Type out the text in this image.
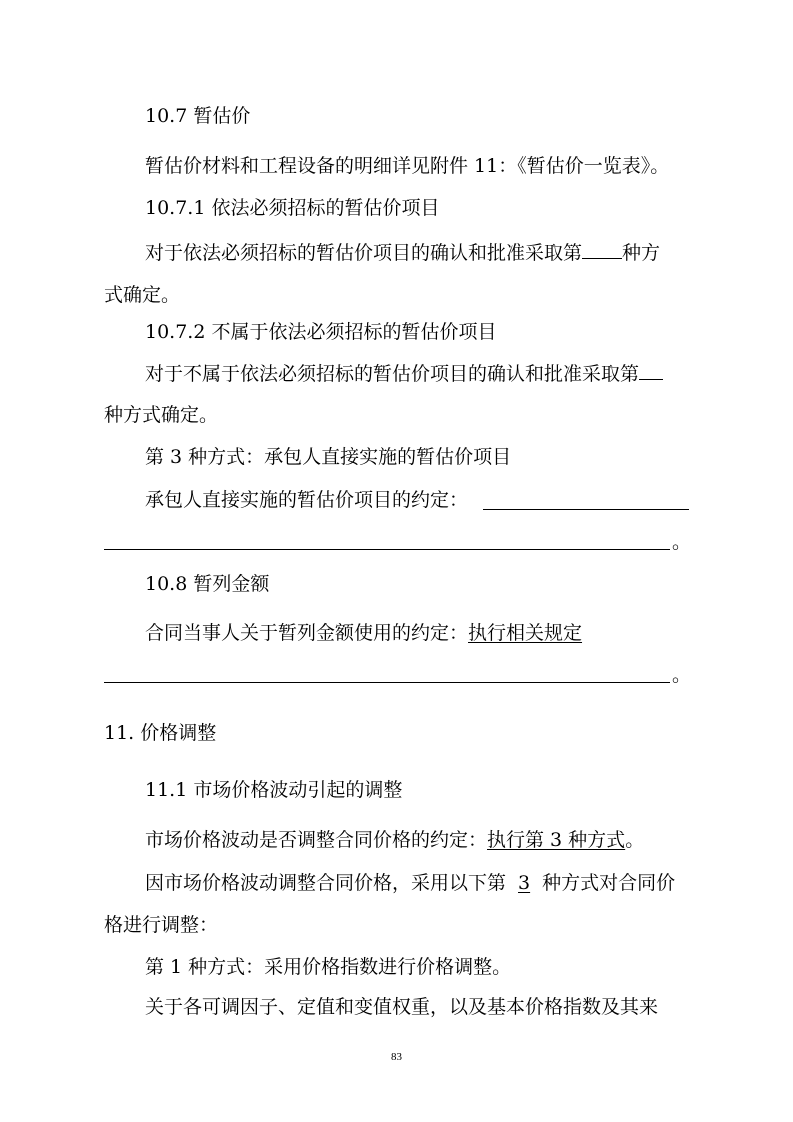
10.7 暂估价
暂估价材料和工程设备的明细详见附件 11：《暂估价一览表》。
10.7.1 依法必须招标的暂估价项目
对于依法必须招标的暂估价项目的确认和批准采取第 种方
式确定。
10.7.2 不属于依法必须招标的暂估价项目
对于不属于依法必须招标的暂估价项目的确认和批准采取第
种方式确定。
第 3 种方式：承包人直接实施的暂估价项目
承包人直接实施的暂估价项目的约定：
。
10.8 暂列金额
合同当事人关于暂列金额使用的约定：执行相关规定
。
11. 价格调整
11.1 市场价格波动引起的调整
市场价格波动是否调整合同价格的约定：执行第 3 种方式。
因市场价格波动调整合同价格，采用以下第 3 种方式对合同价
格进行调整：
第 1 种方式：采用价格指数进行价格调整。
关于各可调因子、定值和变值权重，以及基本价格指数及其来
83
